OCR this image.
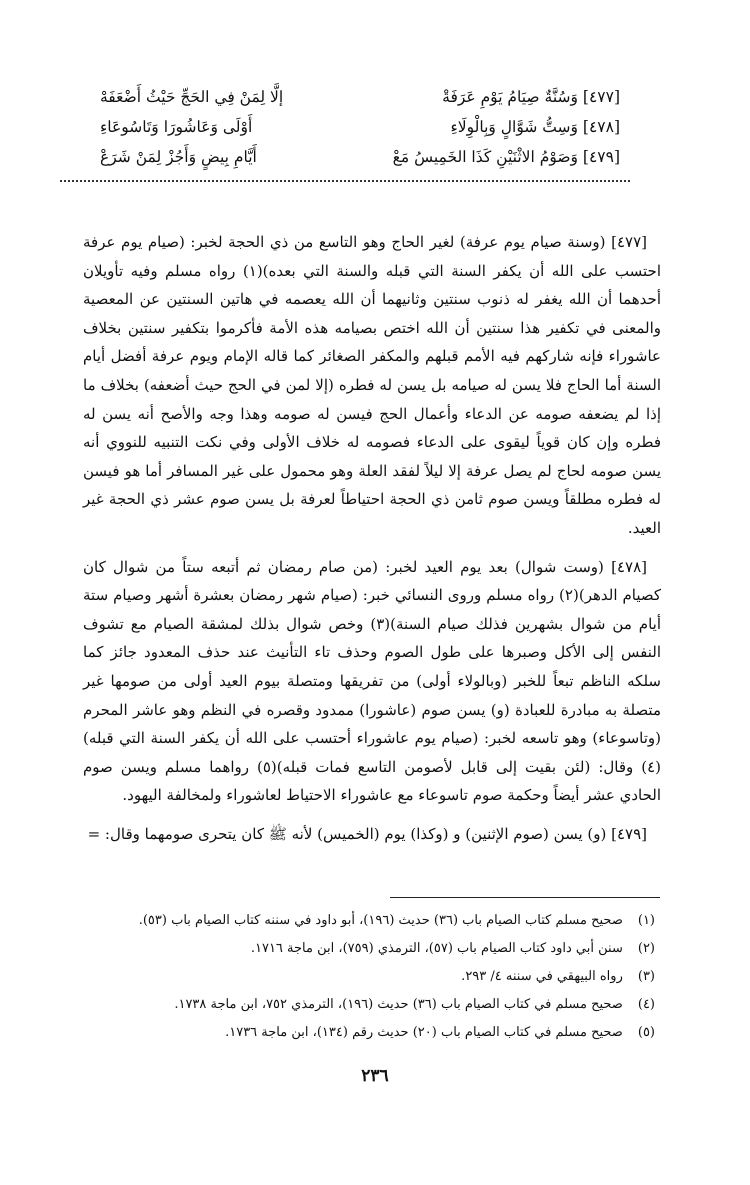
[٤٧٧] وَسُنَّةٌ صِيَامُ يَوْمِ عَرَفَةْ
إلَّا لِمَنْ فِي الحَجِّ حَيْثُ أَضْعَفَهْ
[٤٧٨] وَسِتُّ شَوَّالٍ وَبِالْوِلَاءِ
أَوْلَى وَعَاشُورَا وَتَاسُوعَاءِ
[٤٧٩] وَصَوْمُ الاثْنَيْنِ كَذَا الخَمِيسُ مَعْ
أَيَّامِ بِيضٍ وَأَجُزْ لِمَنْ شَرَعْ

[٤٧٧] (وسنة صيام يوم عرفة) لغير الحاج وهو التاسع من ذي الحجة لخبر: (صيام يوم عرفة احتسب على الله أن يكفر السنة التي قبله والسنة التي بعده)(١) رواه مسلم وفيه تأويلان أحدهما أن الله يغفر له ذنوب سنتين وثانيهما أن الله يعصمه في هاتين السنتين عن المعصية والمعنى في تكفير هذا سنتين أن الله اختص بصيامه هذه الأمة فأكرموا بتكفير سنتين بخلاف عاشوراء فإنه شاركهم فيه الأمم قبلهم والمكفر الصغائر كما قاله الإمام ويوم عرفة أفضل أيام السنة أما الحاج فلا يسن له صيامه بل يسن له فطره (إلا لمن في الحج حيث أضعفه) بخلاف ما إذا لم يضعفه صومه عن الدعاء وأعمال الحج فيسن له صومه وهذا وجه والأصح أنه يسن له فطره وإن كان قوياً ليقوى على الدعاء فصومه له خلاف الأولى وفي نكت التنبيه للنووي أنه يسن صومه لحاج لم يصل عرفة إلا ليلاً لفقد العلة وهو محمول على غير المسافر أما هو فيسن له فطره مطلقاً ويسن صوم ثامن ذي الحجة احتياطاً لعرفة بل يسن صوم عشر ذي الحجة غير العيد.

[٤٧٨] (وست شوال) بعد يوم العيد لخبر: (من صام رمضان ثم أتبعه ستاً من شوال كان كصيام الدهر)(٢) رواه مسلم وروى النسائي خبر: (صيام شهر رمضان بعشرة أشهر وصيام ستة أيام من شوال بشهرين فذلك صيام السنة)(٣) وخص شوال بذلك لمشقة الصيام مع تشوف النفس إلى الأكل وصبرها على طول الصوم وحذف تاء التأنيث عند حذف المعدود جائز كما سلكه الناظم تبعاً للخبر (وبالولاء أولى) من تفريقها ومتصلة بيوم العيد أولى من صومها غير متصلة به مبادرة للعبادة (و) يسن صوم (عاشورا) ممدود وقصره في النظم وهو عاشر المحرم (وتاسوعاء) وهو تاسعه لخبر: (صيام يوم عاشوراء أحتسب على الله أن يكفر السنة التي قبله)(٤) وقال: (لئن بقيت إلى قابل لأصومن التاسع فمات قبله)(٥) رواهما مسلم ويسن صوم الحادي عشر أيضاً وحكمة صوم تاسوعاء مع عاشوراء الاحتياط لعاشوراء ولمخالفة اليهود.

[٤٧٩] (و) يسن (صوم الإثنين) و (وكذا) يوم (الخميس) لأنه ﷺ كان يتحرى صومهما وقال: =

(١) صحيح مسلم كتاب الصيام باب (٣٦) حديث (١٩٦)، أبو داود في سننه كتاب الصيام باب (٥٣).
(٢) سنن أبي داود كتاب الصيام باب (٥٧)، الترمذي (٧٥٩)، ابن ماجة ١٧١٦.
(٣) رواه البيهقي في سننه ٤/ ٢٩٣.
(٤) صحيح مسلم في كتاب الصيام باب (٣٦) حديث (١٩٦)، الترمذي ٧٥٢، ابن ماجة ١٧٣٨.
(٥) صحيح مسلم في كتاب الصيام باب (٢٠) حديث رقم (١٣٤)، ابن ماجة ١٧٣٦.
٢٣٦
